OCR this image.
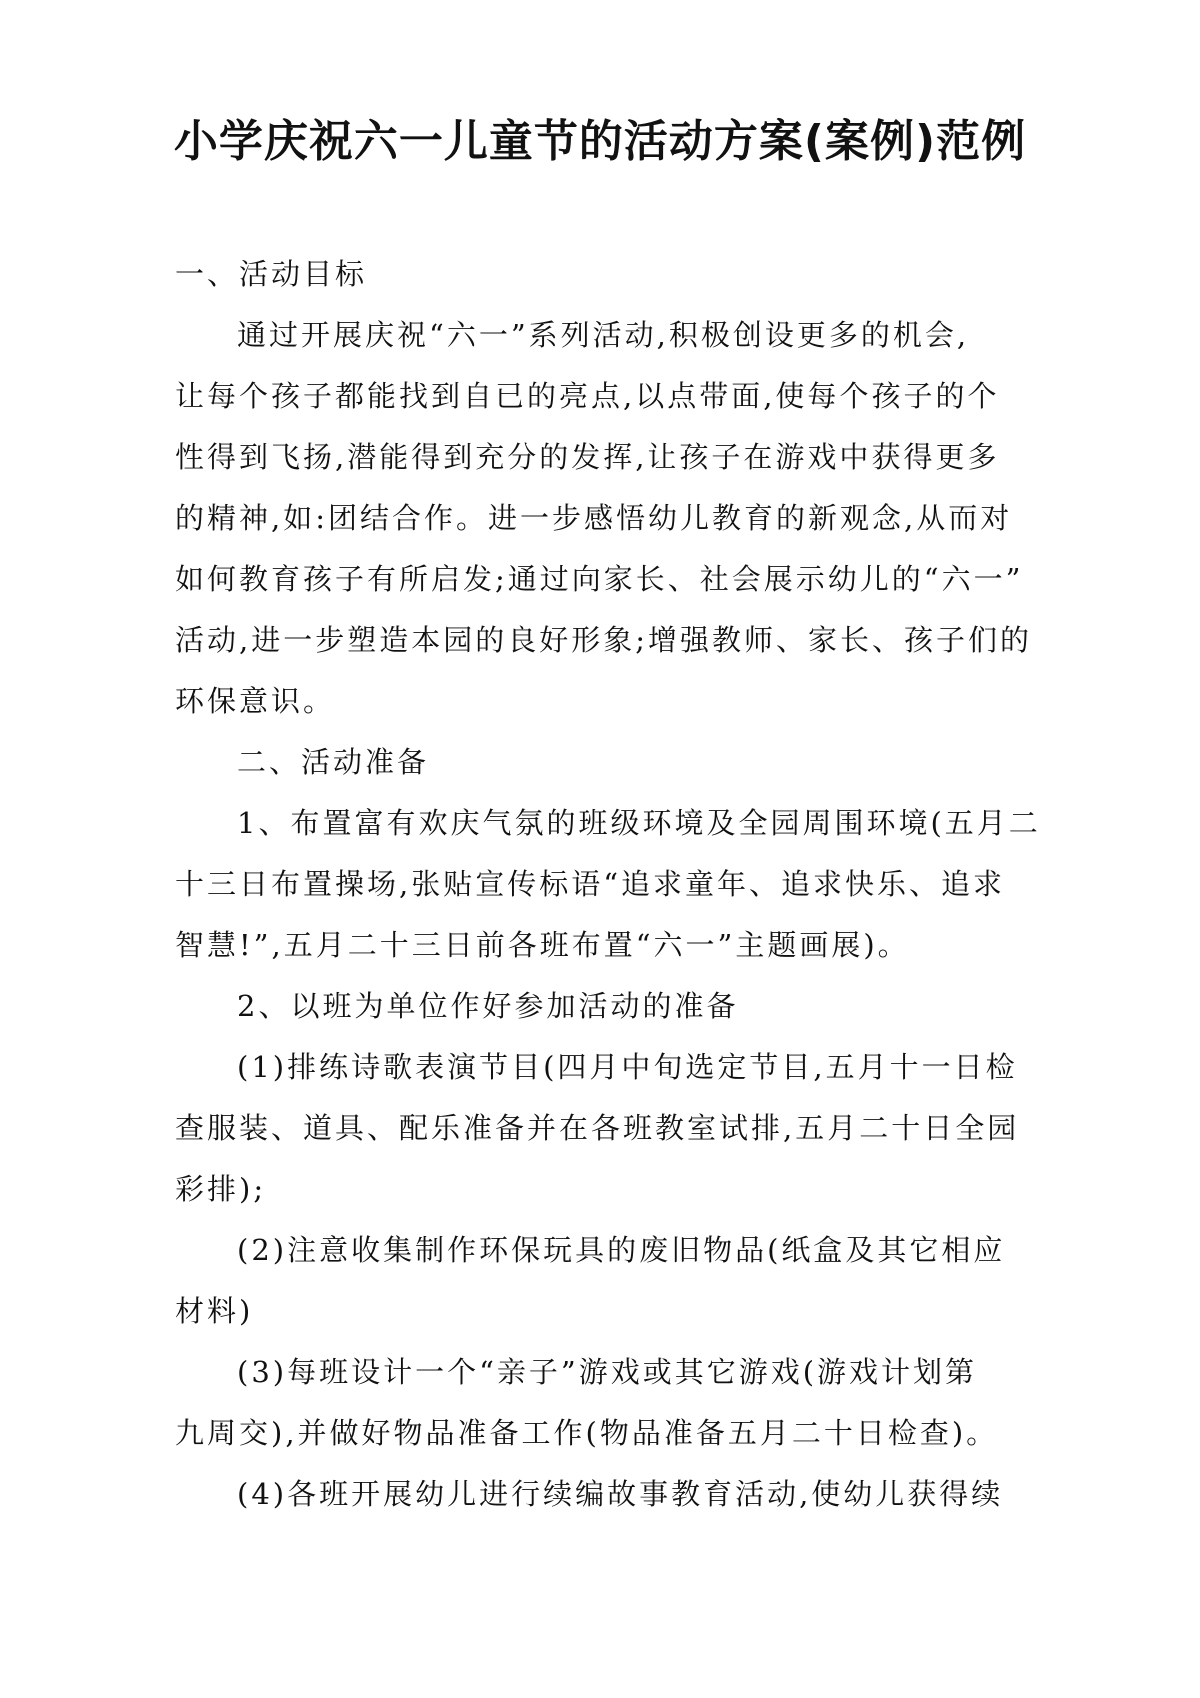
小学庆祝六一儿童节的活动方案(案例)范例
一、活动目标
通过开展庆祝“六一”系列活动,积极创设更多的机会,
让每个孩子都能找到自已的亮点,以点带面,使每个孩子的个
性得到飞扬,潜能得到充分的发挥,让孩子在游戏中获得更多
的精神,如:团结合作。进一步感悟幼儿教育的新观念,从而对
如何教育孩子有所启发;通过向家长、社会展示幼儿的“六一”
活动,进一步塑造本园的良好形象;增强教师、家长、孩子们的
环保意识。
二、活动准备
1、布置富有欢庆气氛的班级环境及全园周围环境(五月二
十三日布置操场,张贴宣传标语“追求童年、追求快乐、追求
智慧!”,五月二十三日前各班布置“六一”主题画展)。
2、以班为单位作好参加活动的准备
(1)排练诗歌表演节目(四月中旬选定节目,五月十一日检
查服装、道具、配乐准备并在各班教室试排,五月二十日全园
彩排);
(2)注意收集制作环保玩具的废旧物品(纸盒及其它相应
材料)
(3)每班设计一个“亲子”游戏或其它游戏(游戏计划第
九周交),并做好物品准备工作(物品准备五月二十日检查)。
(4)各班开展幼儿进行续编故事教育活动,使幼儿获得续
